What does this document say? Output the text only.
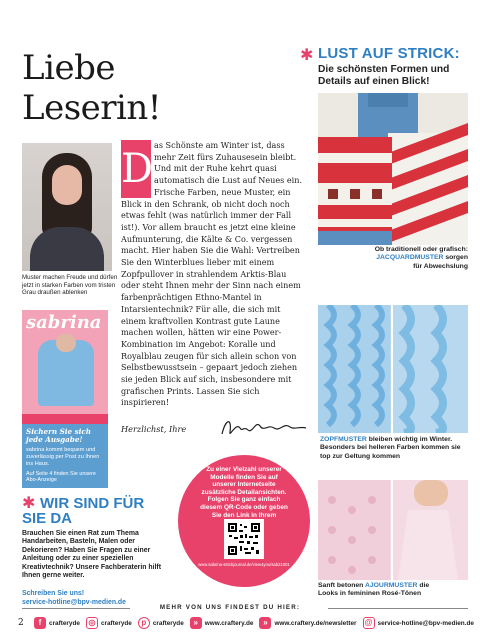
Liebe Leserin!
Muster machen Freude und dürfen jetzt in starken Farben vom tristen Grau draußen ablenken
sabrina
Sichern Sie sich jede Ausgabe!
sabrina kommt bequem und zuverlässig per Post zu Ihnen ins Haus.
Auf Seite 4 finden Sie unsere Abo-Anzeige
D
as Schönste am Winter ist, dass mehr Zeit fürs Zuhausesein bleibt. Und mit der Ruhe kehrt quasi automatisch die Lust auf Neues ein. Frische Farben, neue Muster, ein Blick in den Schrank, ob nicht doch noch etwas fehlt (was natürlich immer der Fall ist!). Vor allem braucht es jetzt eine kleine Aufmunterung, die Kälte & Co. vergessen macht. Hier haben Sie die Wahl: Vertreiben Sie den Winterblues lieber mit einem Zopfpullover in strahlendem Arktis-Blau oder steht Ihnen mehr der Sinn nach einem farbenprächtigen Ethno-Mantel in Intarsientechnik? Für alle, die sich mit einem kraftvollen Kontrast gute Laune machen wollen, hätten wir eine Power-Kombination im Angebot: Koralle und Royalblau zeugen für sich allein schon von Selbstbewusstsein – gepaart jedoch ziehen sie jeden Blick auf sich, insbesondere mit grafischen Prints. Lassen Sie sich inspirieren!
Herzlichst, Ihre
✱ LUST AUF STRICK:
Die schönsten Formen und Details auf einen Blick!
Ob traditionell oder grafisch: JACQUARDMUSTER sorgen für Abwechslung
ZOPFMUSTER bleiben wichtig im Winter. Besonders bei helleren Farben kommen sie top zur Geltung kommen
Sanft betonen AJOURMUSTER die Looks in femininen Rosé-Tönen
✱ WIR SIND FÜR
SIE DA
Brauchen Sie einen Rat zum Thema Handarbeiten, Basteln, Malen oder Dekorieren? Haben Sie Fragen zu einer Anleitung oder zu einer speziellen Kreativtechnik? Unsere Fachberaterin hilft Ihnen gerne weiter.
Schreiben Sie uns!
service-hotline@bpv-medien.de
Zu einer Vielzahl unserer Modelle finden Sie auf unserer Internetseite zusätzliche Detailansichten. Folgen Sie ganz einfach diesem QR-Code oder geben Sie den Link in Ihrem
www.sabrina-strickjournal.de/view4you/sab21001
MEHR VON UNS FINDEST DU HIER:
2	f	crafteryde	◎ crafteryde	p	crafteryde	»	www.craftery.de	»	www.craftery.de/newsletter @ service-hotline@bpv-medien.de
